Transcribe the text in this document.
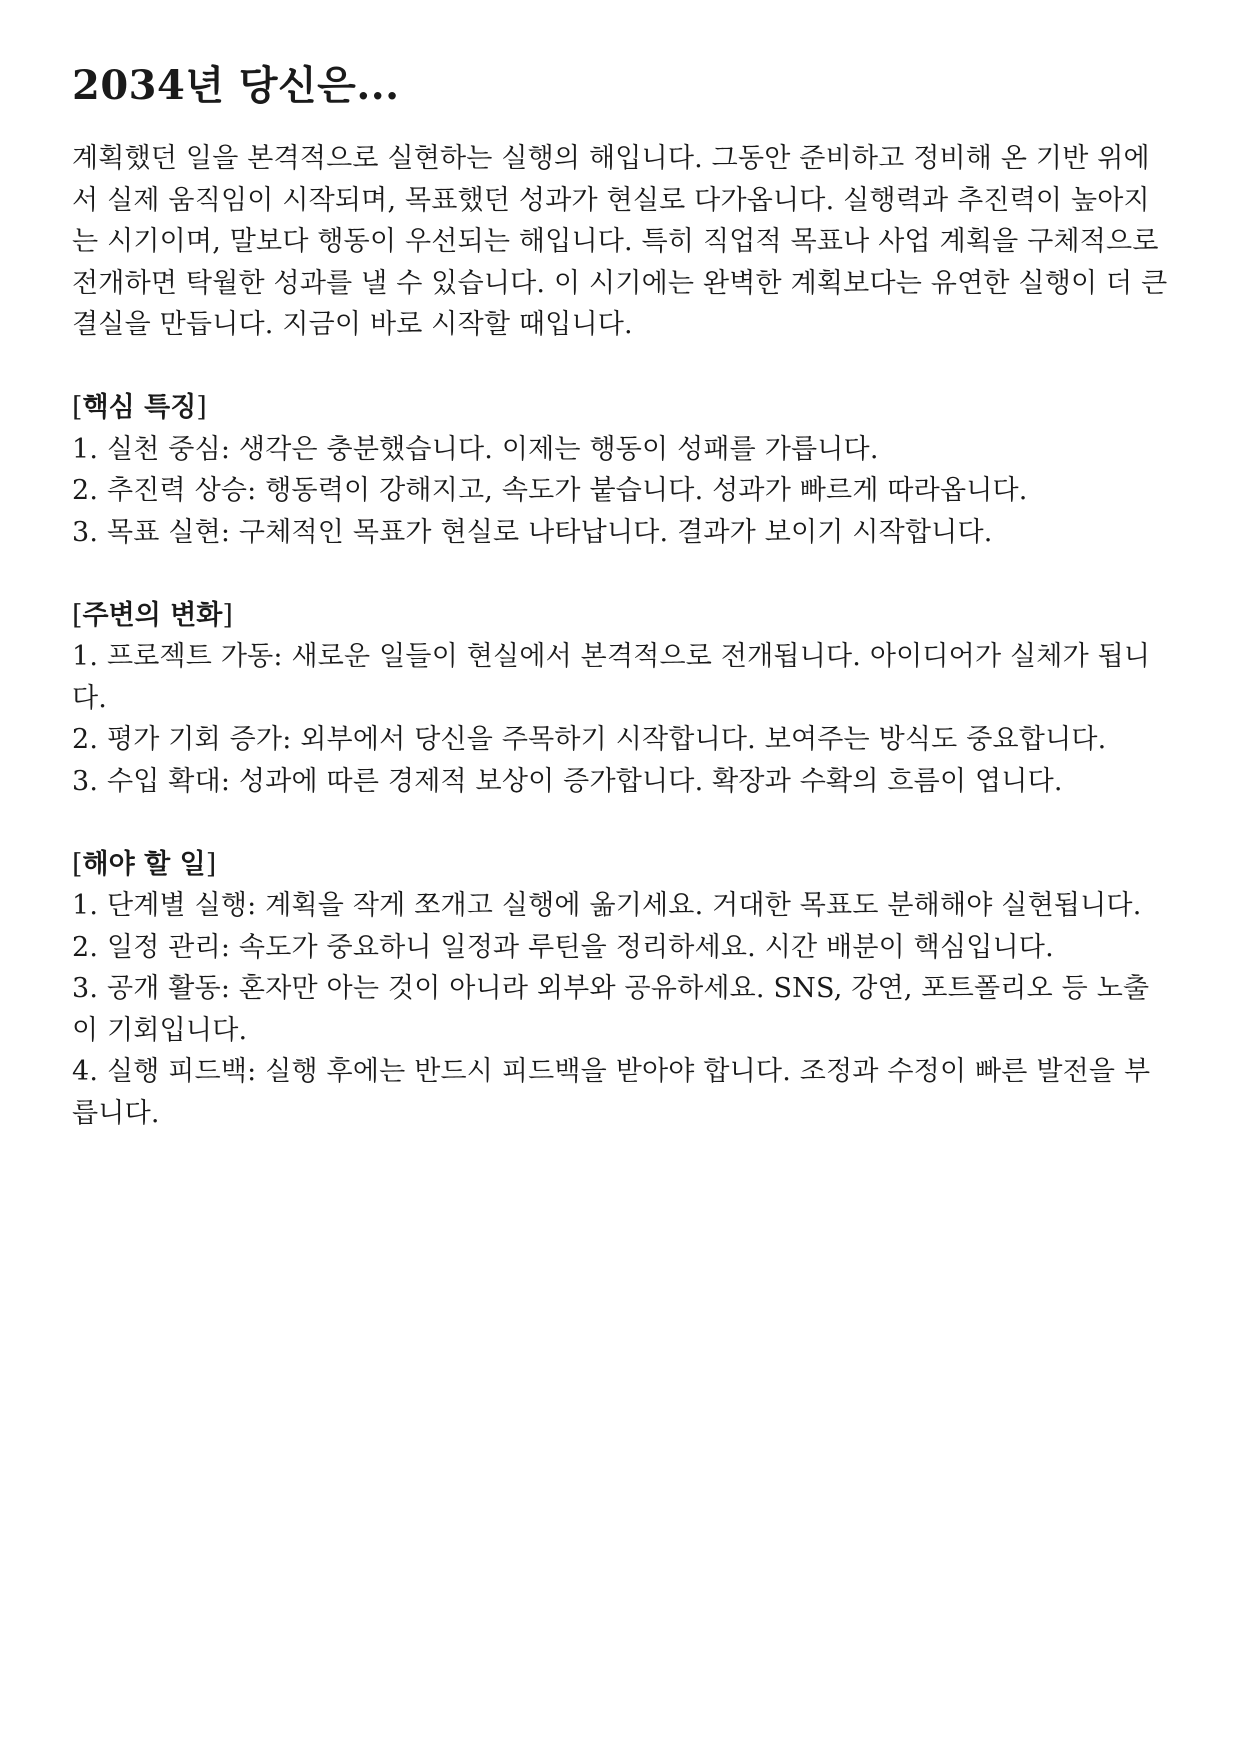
2034년 당신은...

계획했던 일을 본격적으로 실현하는 실행의 해입니다. 그동안 준비하고 정비해 온 기반 위에서 실제 움직임이 시작되며, 목표했던 성과가 현실로 다가옵니다. 실행력과 추진력이 높아지는 시기이며, 말보다 행동이 우선되는 해입니다. 특히 직업적 목표나 사업 계획을 구체적으로 전개하면 탁월한 성과를 낼 수 있습니다. 이 시기에는 완벽한 계획보다는 유연한 실행이 더 큰 결실을 만듭니다. 지금이 바로 시작할 때입니다.

[핵심 특징]

1. 실천 중심: 생각은 충분했습니다. 이제는 행동이 성패를 가릅니다.

2. 추진력 상승: 행동력이 강해지고, 속도가 붙습니다. 성과가 빠르게 따라옵니다.

3. 목표 실현: 구체적인 목표가 현실로 나타납니다. 결과가 보이기 시작합니다.

[주변의 변화]

1. 프로젝트 가동: 새로운 일들이 현실에서 본격적으로 전개됩니다. 아이디어가 실체가 됩니다.

2. 평가 기회 증가: 외부에서 당신을 주목하기 시작합니다. 보여주는 방식도 중요합니다.

3. 수입 확대: 성과에 따른 경제적 보상이 증가합니다. 확장과 수확의 흐름이 엽니다.

[해야 할 일]

1. 단계별 실행: 계획을 작게 쪼개고 실행에 옮기세요. 거대한 목표도 분해해야 실현됩니다.

2. 일정 관리: 속도가 중요하니 일정과 루틴을 정리하세요. 시간 배분이 핵심입니다.

3. 공개 활동: 혼자만 아는 것이 아니라 외부와 공유하세요. SNS, 강연, 포트폴리오 등 노출이 기회입니다.

4. 실행 피드백: 실행 후에는 반드시 피드백을 받아야 합니다. 조정과 수정이 빠른 발전을 부릅니다.
